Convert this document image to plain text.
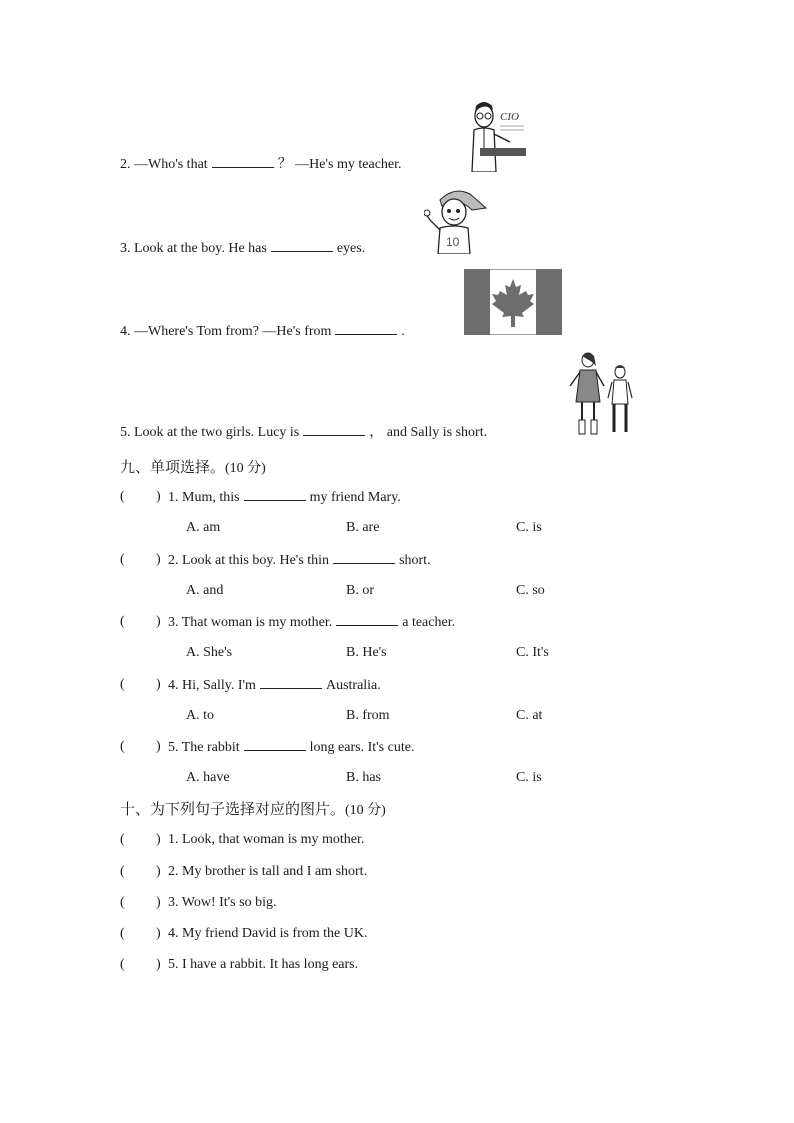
2. —Who's that	？ —He's my teacher.
CIO
3. Look at the boy. He has	eyes.	10
4. —Where's Tom from? —He's from	.
5. Look at the two girls. Lucy is	， and Sally is short.
九、单项选择。(10 分)
( ) 1. Mum, this	my friend Mary.
A. am	B. are	C. is
( ) 2. Look at this boy. He's thin	short.
A. and	B. or	C. so
( ) 3. That woman is my mother.	a teacher.
A. She's	B. He's	C. It's
( ) 4. Hi, Sally. I'm	Australia.
A. to	B. from	C. at
( ) 5. The rabbit	long ears. It's cute.
A. have	B. has	C. is
十、为下列句子选择对应的图片。(10 分)
( ) 1. Look, that woman is my mother.
( ) 2. My brother is tall and I am short.
( ) 3. Wow! It's so big.
( ) 4. My friend David is from the UK.
( ) 5. I have a rabbit. It has long ears.
